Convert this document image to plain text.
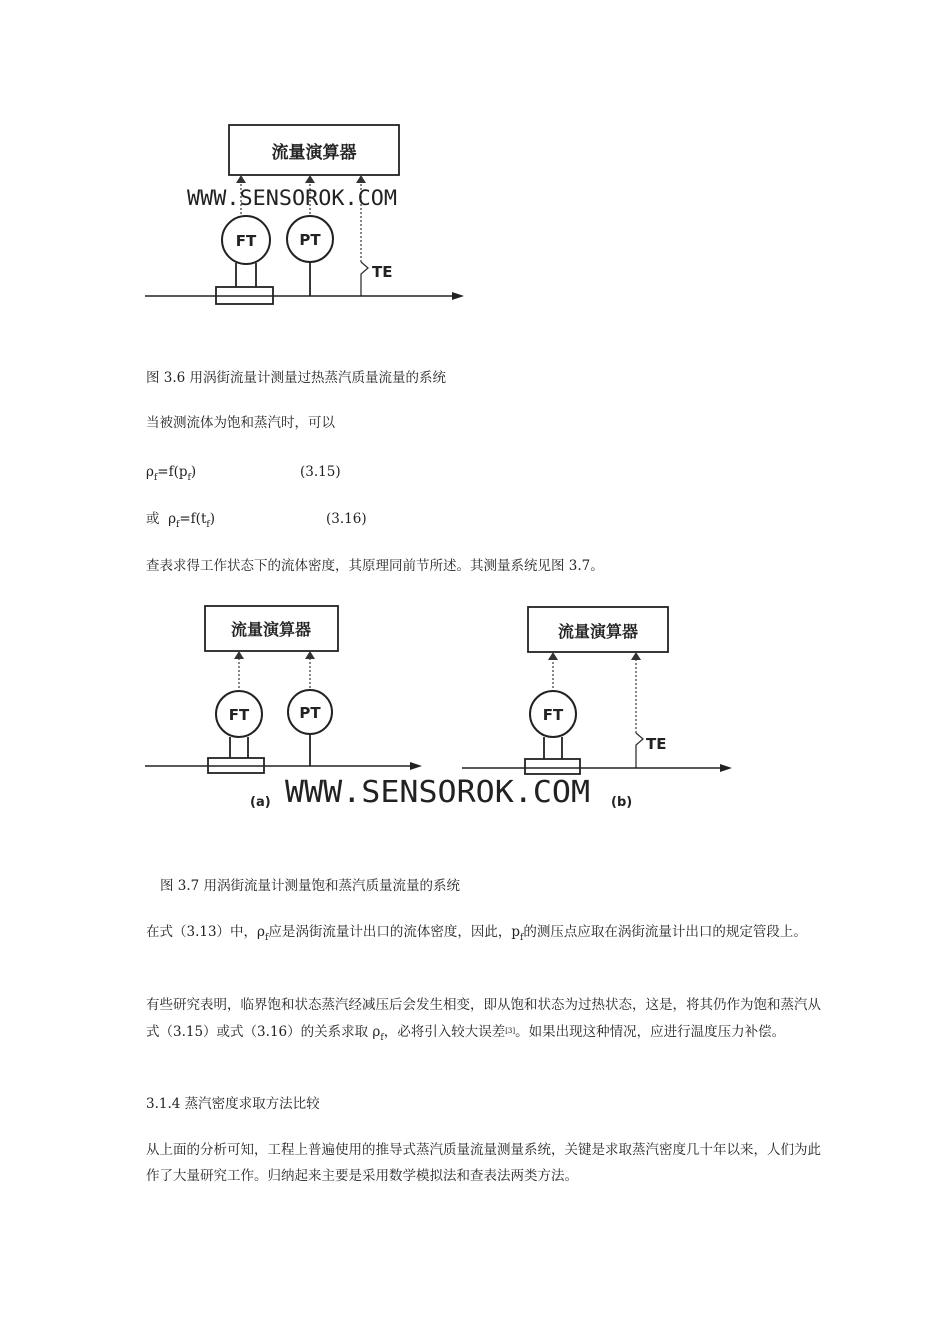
流量演算器
TE
FT	PT
WWW.SENSOROK.COM
图 3.6 用涡街流量计测量过热蒸汽质量流量的系统
当被测流体为饱和蒸汽时，可以
$\rho_f=f(p_f)$	(3.15)
或 $\rho_f=f(t_f)$	(3.16)
查表求得工作状态下的流体密度，其原理同前节所述。其测量系统见图 3.7。
流量演算器
FT	PT
(a)
流量演算器
TE
FT
(b)
WWW.SENSOROK.COM
图 3.7 用涡街流量计测量饱和蒸汽质量流量的系统
在式（3.13）中，$\rho_f$应是涡街流量计出口的流体密度，因此，$p_f$的测压点应取在涡街流量计出口的规定管段上。
有些研究表明，临界饱和状态蒸汽经减压后会发生相变，即从饱和状态为过热状态，这是，将其仍作为饱和蒸汽从式（3.15）或式（3.16）的关系求取 $\rho_f$，必将引入较大误差[3]。如果出现这种情况，应进行温度压力补偿。
3.1.4 蒸汽密度求取方法比较
从上面的分析可知，工程上普遍使用的推导式蒸汽质量流量测量系统，关键是求取蒸汽密度几十年以来，人们为此作了大量研究工作。归纳起来主要是采用数学模拟法和查表法两类方法。
